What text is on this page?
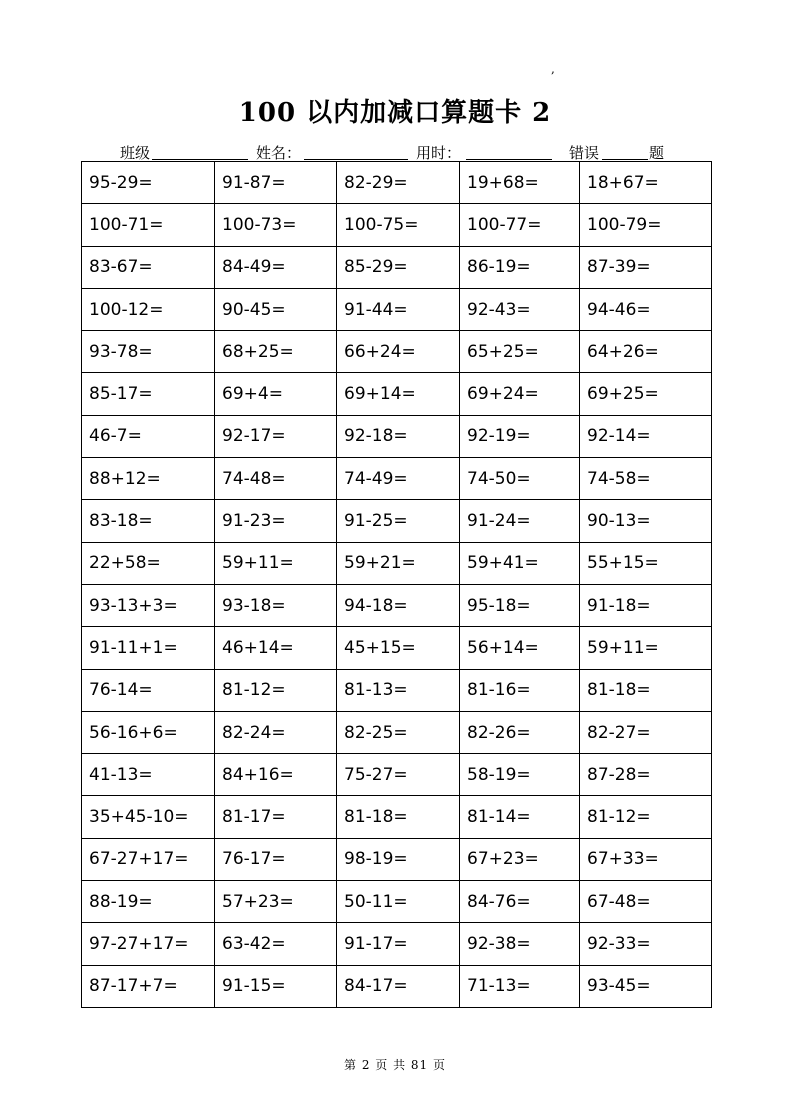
,
100 以内加减口算题卡 2
班级	姓名：	用时：	错误	题
95-29=	91-87=	82-29=	19+68=	18+67=
100-71=	100-73=	100-75=	100-77=	100-79=
83-67=	84-49=	85-29=	86-19=	87-39=
100-12=	90-45=	91-44=	92-43=	94-46=
93-78=	68+25=	66+24=	65+25=	64+26=
85-17=	69+4=	69+14=	69+24=	69+25=
46-7=	92-17=	92-18=	92-19=	92-14=
88+12=	74-48=	74-49=	74-50=	74-58=
83-18=	91-23=	91-25=	91-24=	90-13=
22+58=	59+11=	59+21=	59+41=	55+15=
93-13+3=	93-18=	94-18=	95-18=	91-18=
91-11+1=	46+14=	45+15=	56+14=	59+11=
76-14=	81-12=	81-13=	81-16=	81-18=
56-16+6=	82-24=	82-25=	82-26=	82-27=
41-13=	84+16=	75-27=	58-19=	87-28=
35+45-10=	81-17=	81-18=	81-14=	81-12=
67-27+17=	76-17=	98-19=	67+23=	67+33=
88-19=	57+23=	50-11=	84-76=	67-48=
97-27+17=	63-42=	91-17=	92-38=	92-33=
87-17+7=	91-15=	84-17=	71-13=	93-45=
第 2 页 共 81 页
